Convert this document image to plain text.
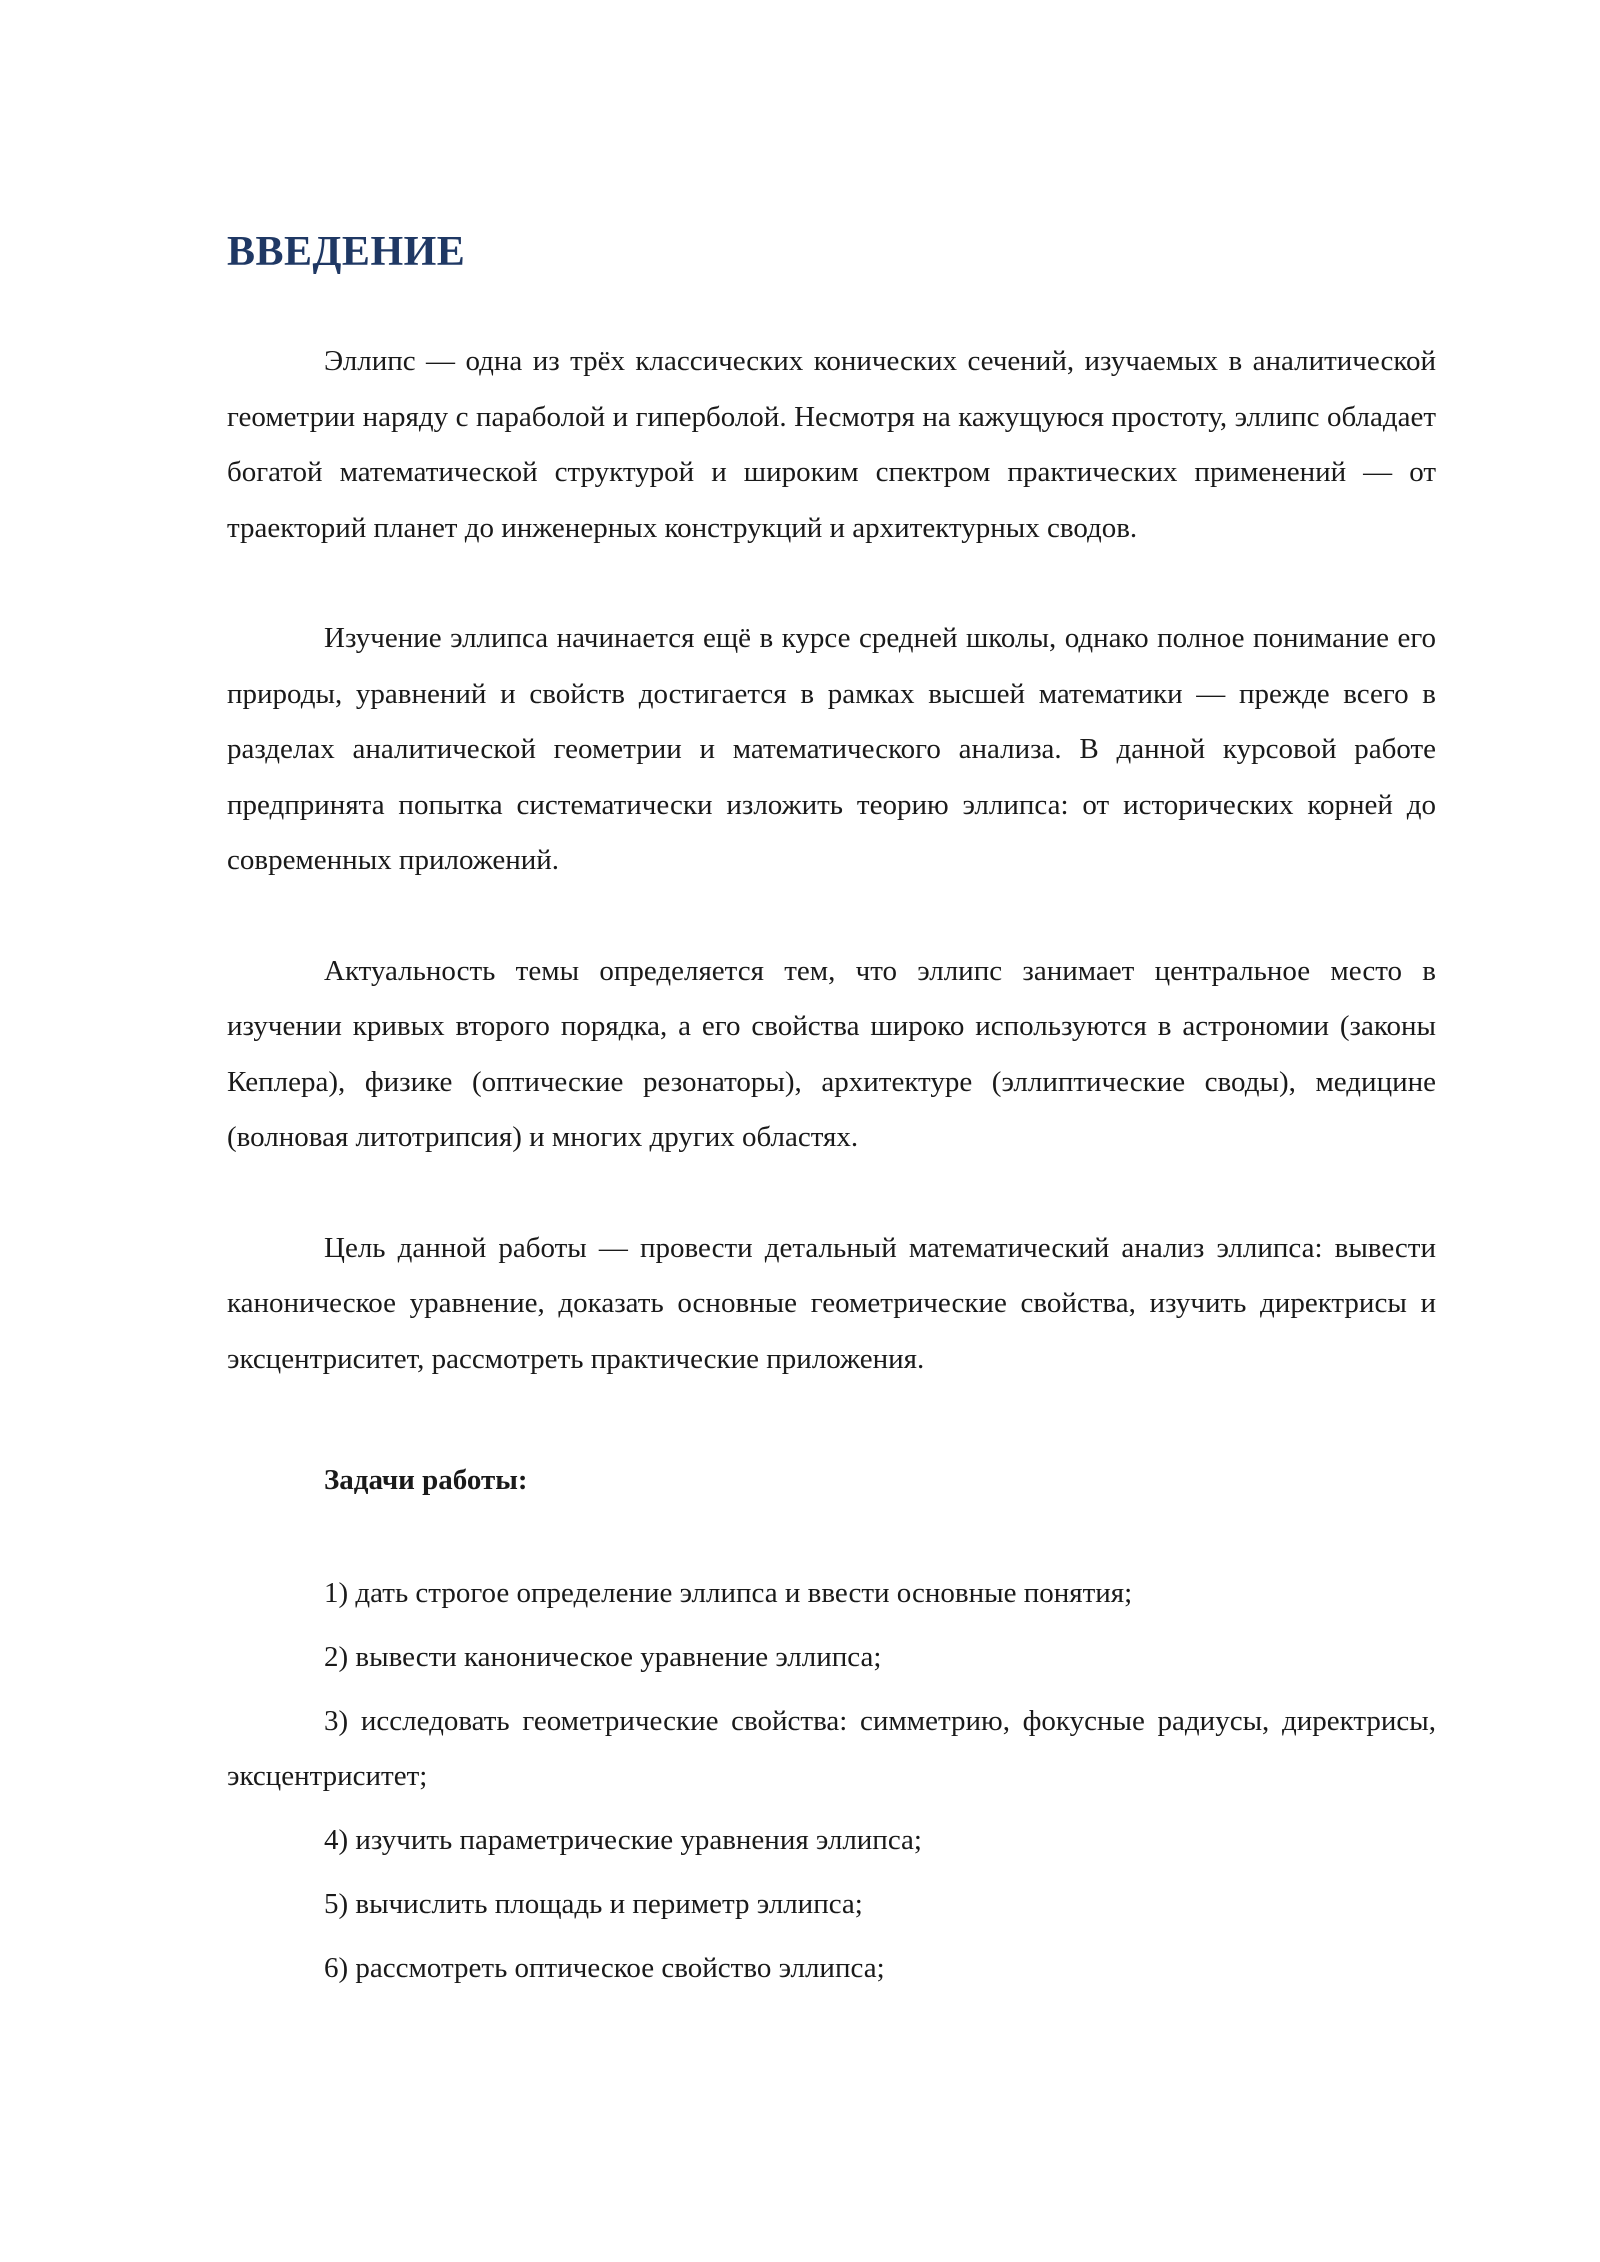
ВВЕДЕНИЕ

Эллипс — одна из трёх классических конических сечений, изучаемых в аналитической геометрии наряду с параболой и гиперболой. Несмотря на кажущуюся простоту, эллипс обладает богатой математической структурой и широким спектром практических применений — от траекторий планет до инженерных конструкций и архитектурных сводов.

Изучение эллипса начинается ещё в курсе средней школы, однако полное понимание его природы, уравнений и свойств достигается в рамках высшей математики — прежде всего в разделах аналитической геометрии и математического анализа. В данной курсовой работе предпринята попытка систематически изложить теорию эллипса: от исторических корней до современных приложений.

Актуальность темы определяется тем, что эллипс занимает центральное место в изучении кривых второго порядка, а его свойства широко используются в астрономии (законы Кеплера), физике (оптические резонаторы), архитектуре (эллиптические своды), медицине (волновая литотрипсия) и многих других областях.

Цель данной работы — провести детальный математический анализ эллипса: вывести каноническое уравнение, доказать основные геометрические свойства, изучить директрисы и эксцентриситет, рассмотреть практические приложения.

Задачи работы:
1) дать строгое определение эллипса и ввести основные понятия;
2) вывести каноническое уравнение эллипса;
3) исследовать геометрические свойства: симметрию, фокусные радиусы, директрисы, эксцентриситет;
4) изучить параметрические уравнения эллипса;
5) вычислить площадь и периметр эллипса;
6) рассмотреть оптическое свойство эллипса;
